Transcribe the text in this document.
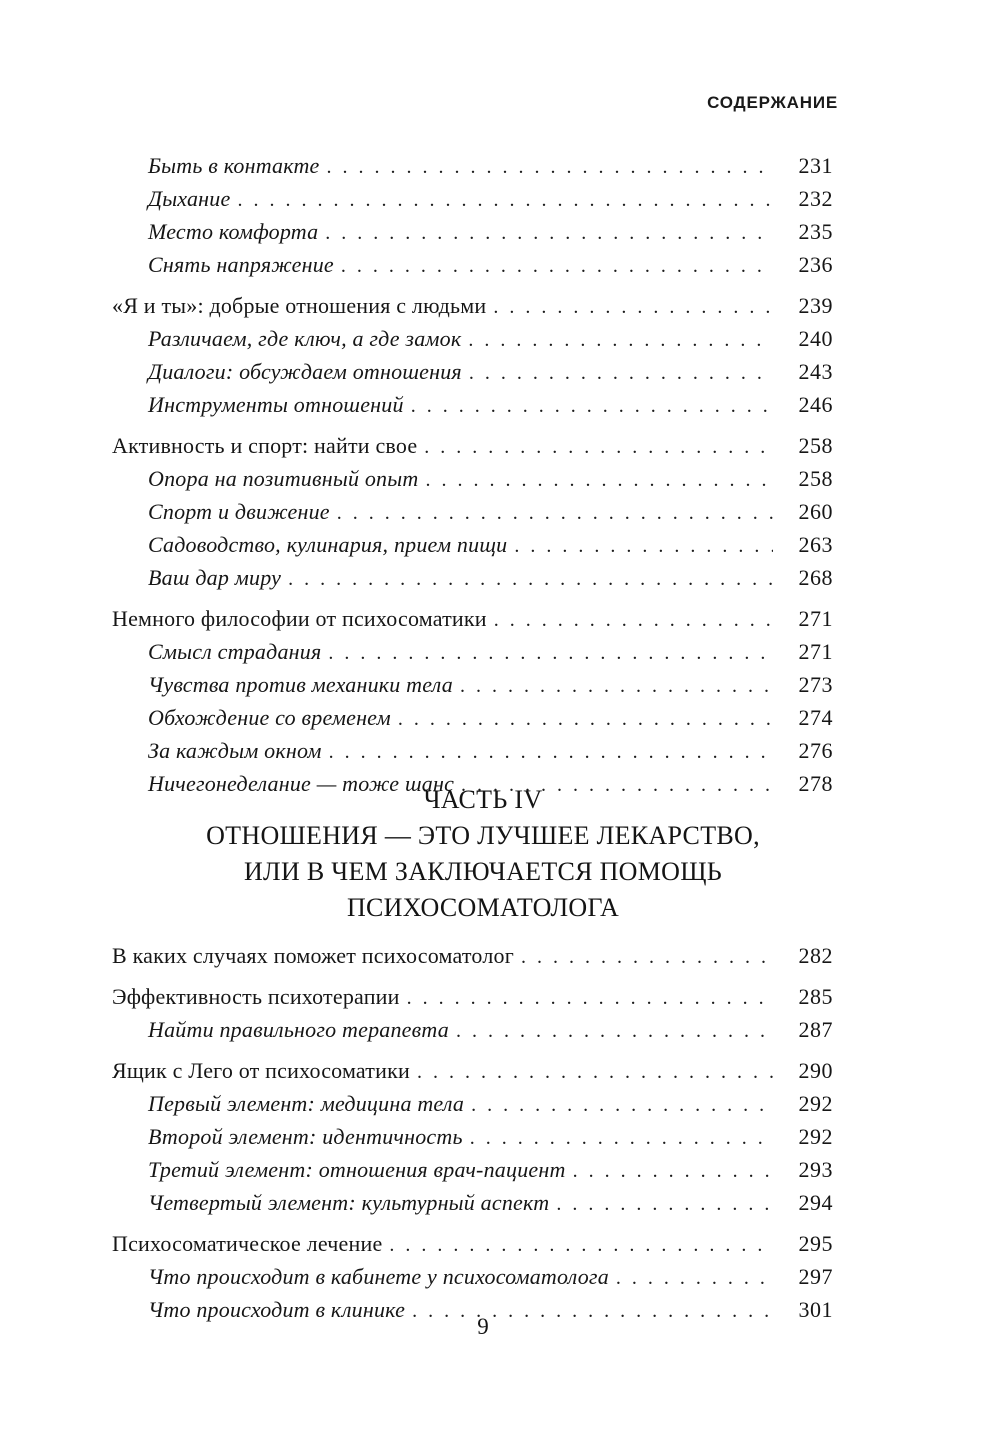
СОДЕРЖАНИЕ
Быть в контакте . . .	231
Дыхание . . .	232
Место комфорта . . .	235
Снять напряжение . . .	236
«Я и ты»: добрые отношения с людьми . . .	239
Различаем, где ключ, а где замок . . .	240
Диалоги: обсуждаем отношения . . .	243
Инструменты отношений . . .	246
Активность и спорт: найти свое . . .	258
Опора на позитивный опыт . . .	258
Спорт и движение . . .	260
Садоводство, кулинария, прием пищи . . .	263
Ваш дар миру . . .	268
Немного философии от психосоматики . . .	271
Смысл страдания . . .	271
Чувства против механики тела . . .	273
Обхождение со временем . . .	274
За каждым окном . . .	276
Ничегонеделание — тоже шанс . . .	278
ЧАСТЬ IV
ОТНОШЕНИЯ — ЭТО ЛУЧШЕЕ ЛЕКАРСТВО,
ИЛИ В ЧЕМ ЗАКЛЮЧАЕТСЯ ПОМОЩЬ
ПСИХОСОМАТОЛОГА
В каких случаях поможет психосоматолог . . .	282
Эффективность психотерапии . . .	285
Найти правильного терапевта . . .	287
Ящик с Лего от психосоматики . . .	290
Первый элемент: медицина тела . . .	292
Второй элемент: идентичность . . .	292
Третий элемент: отношения врач-пациент . . .	293
Четвертый элемент: культурный аспект . . .	294
Психосоматическое лечение . . .	295
Что происходит в кабинете у психосоматолога . . .	297
Что происходит в клинике . . .	301
9
